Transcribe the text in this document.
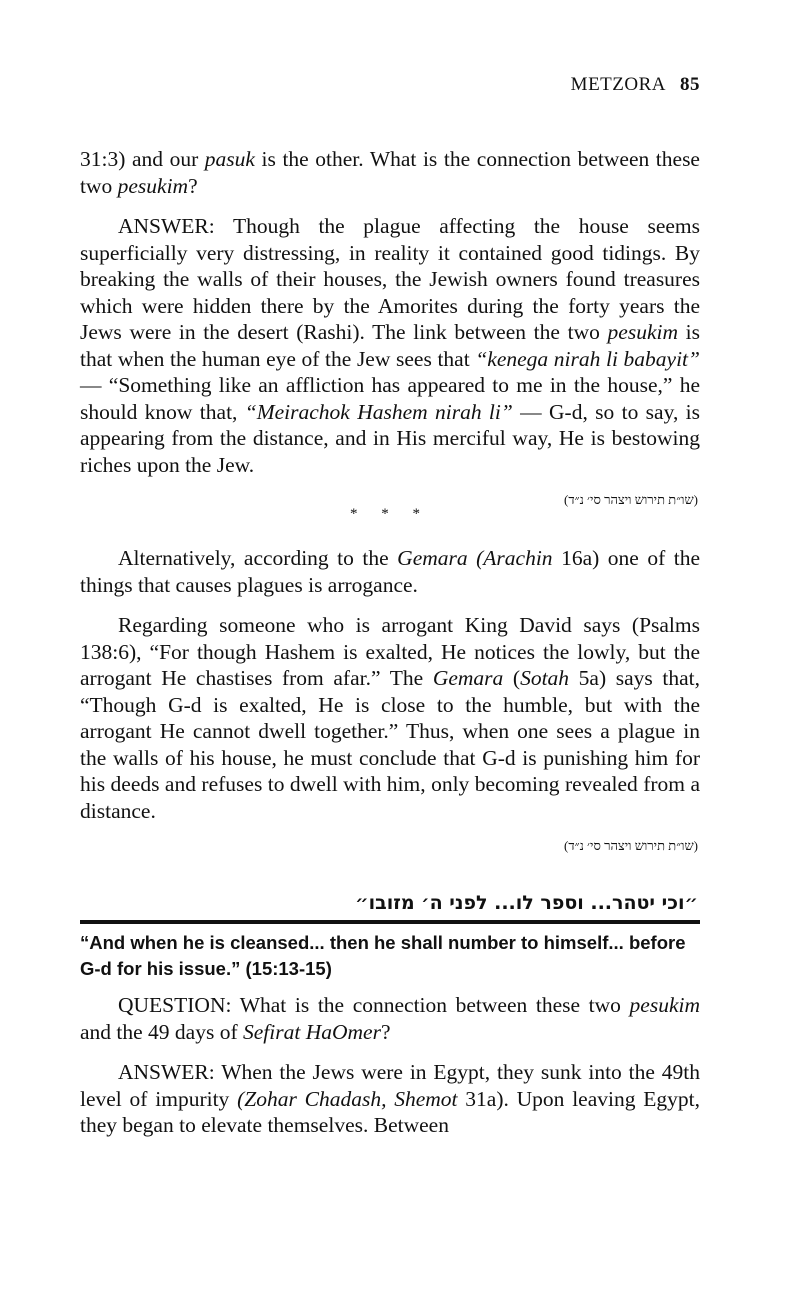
METZORA 85

31:3) and our pasuk is the other. What is the connection between these two pesukim?

ANSWER: Though the plague affecting the house seems superficially very distressing, in reality it contained good tidings. By breaking the walls of their houses, the Jewish owners found treasures which were hidden there by the Amorites during the forty years the Jews were in the desert (Rashi). The link between the two pesukim is that when the human eye of the Jew sees that “kenega nirah li babayit” — “Something like an affliction has appeared to me in the house,” he should know that, “Meirachok Hashem nirah li” — G-d, so to say, is appearing from the distance, and in His merciful way, He is bestowing riches upon the Jew.

(שו״ת תירוש ויצהר סי׳ נ״ד)
* * *

Alternatively, according to the Gemara (Arachin 16a) one of the things that causes plagues is arrogance.

Regarding someone who is arrogant King David says (Psalms 138:6), “For though Hashem is exalted, He notices the lowly, but the arrogant He chastises from afar.” The Gemara (Sotah 5a) says that, “Though G-d is exalted, He is close to the humble, but with the arrogant He cannot dwell together.” Thus, when one sees a plague in the walls of his house, he must conclude that G-d is punishing him for his deeds and refuses to dwell with him, only becoming revealed from a distance.

(שו״ת תירוש ויצהר סי׳ נ״ד)
״וכי יטהר... וספר לו... לפני ה׳ מזובו״
“And when he is cleansed... then he shall number to himself... before G-d for his issue.” (15:13-15)

QUESTION: What is the connection between these two pesukim and the 49 days of Sefirat HaOmer?

ANSWER: When the Jews were in Egypt, they sunk into the 49th level of impurity (Zohar Chadash, Shemot 31a). Upon leaving Egypt, they began to elevate themselves. Between
